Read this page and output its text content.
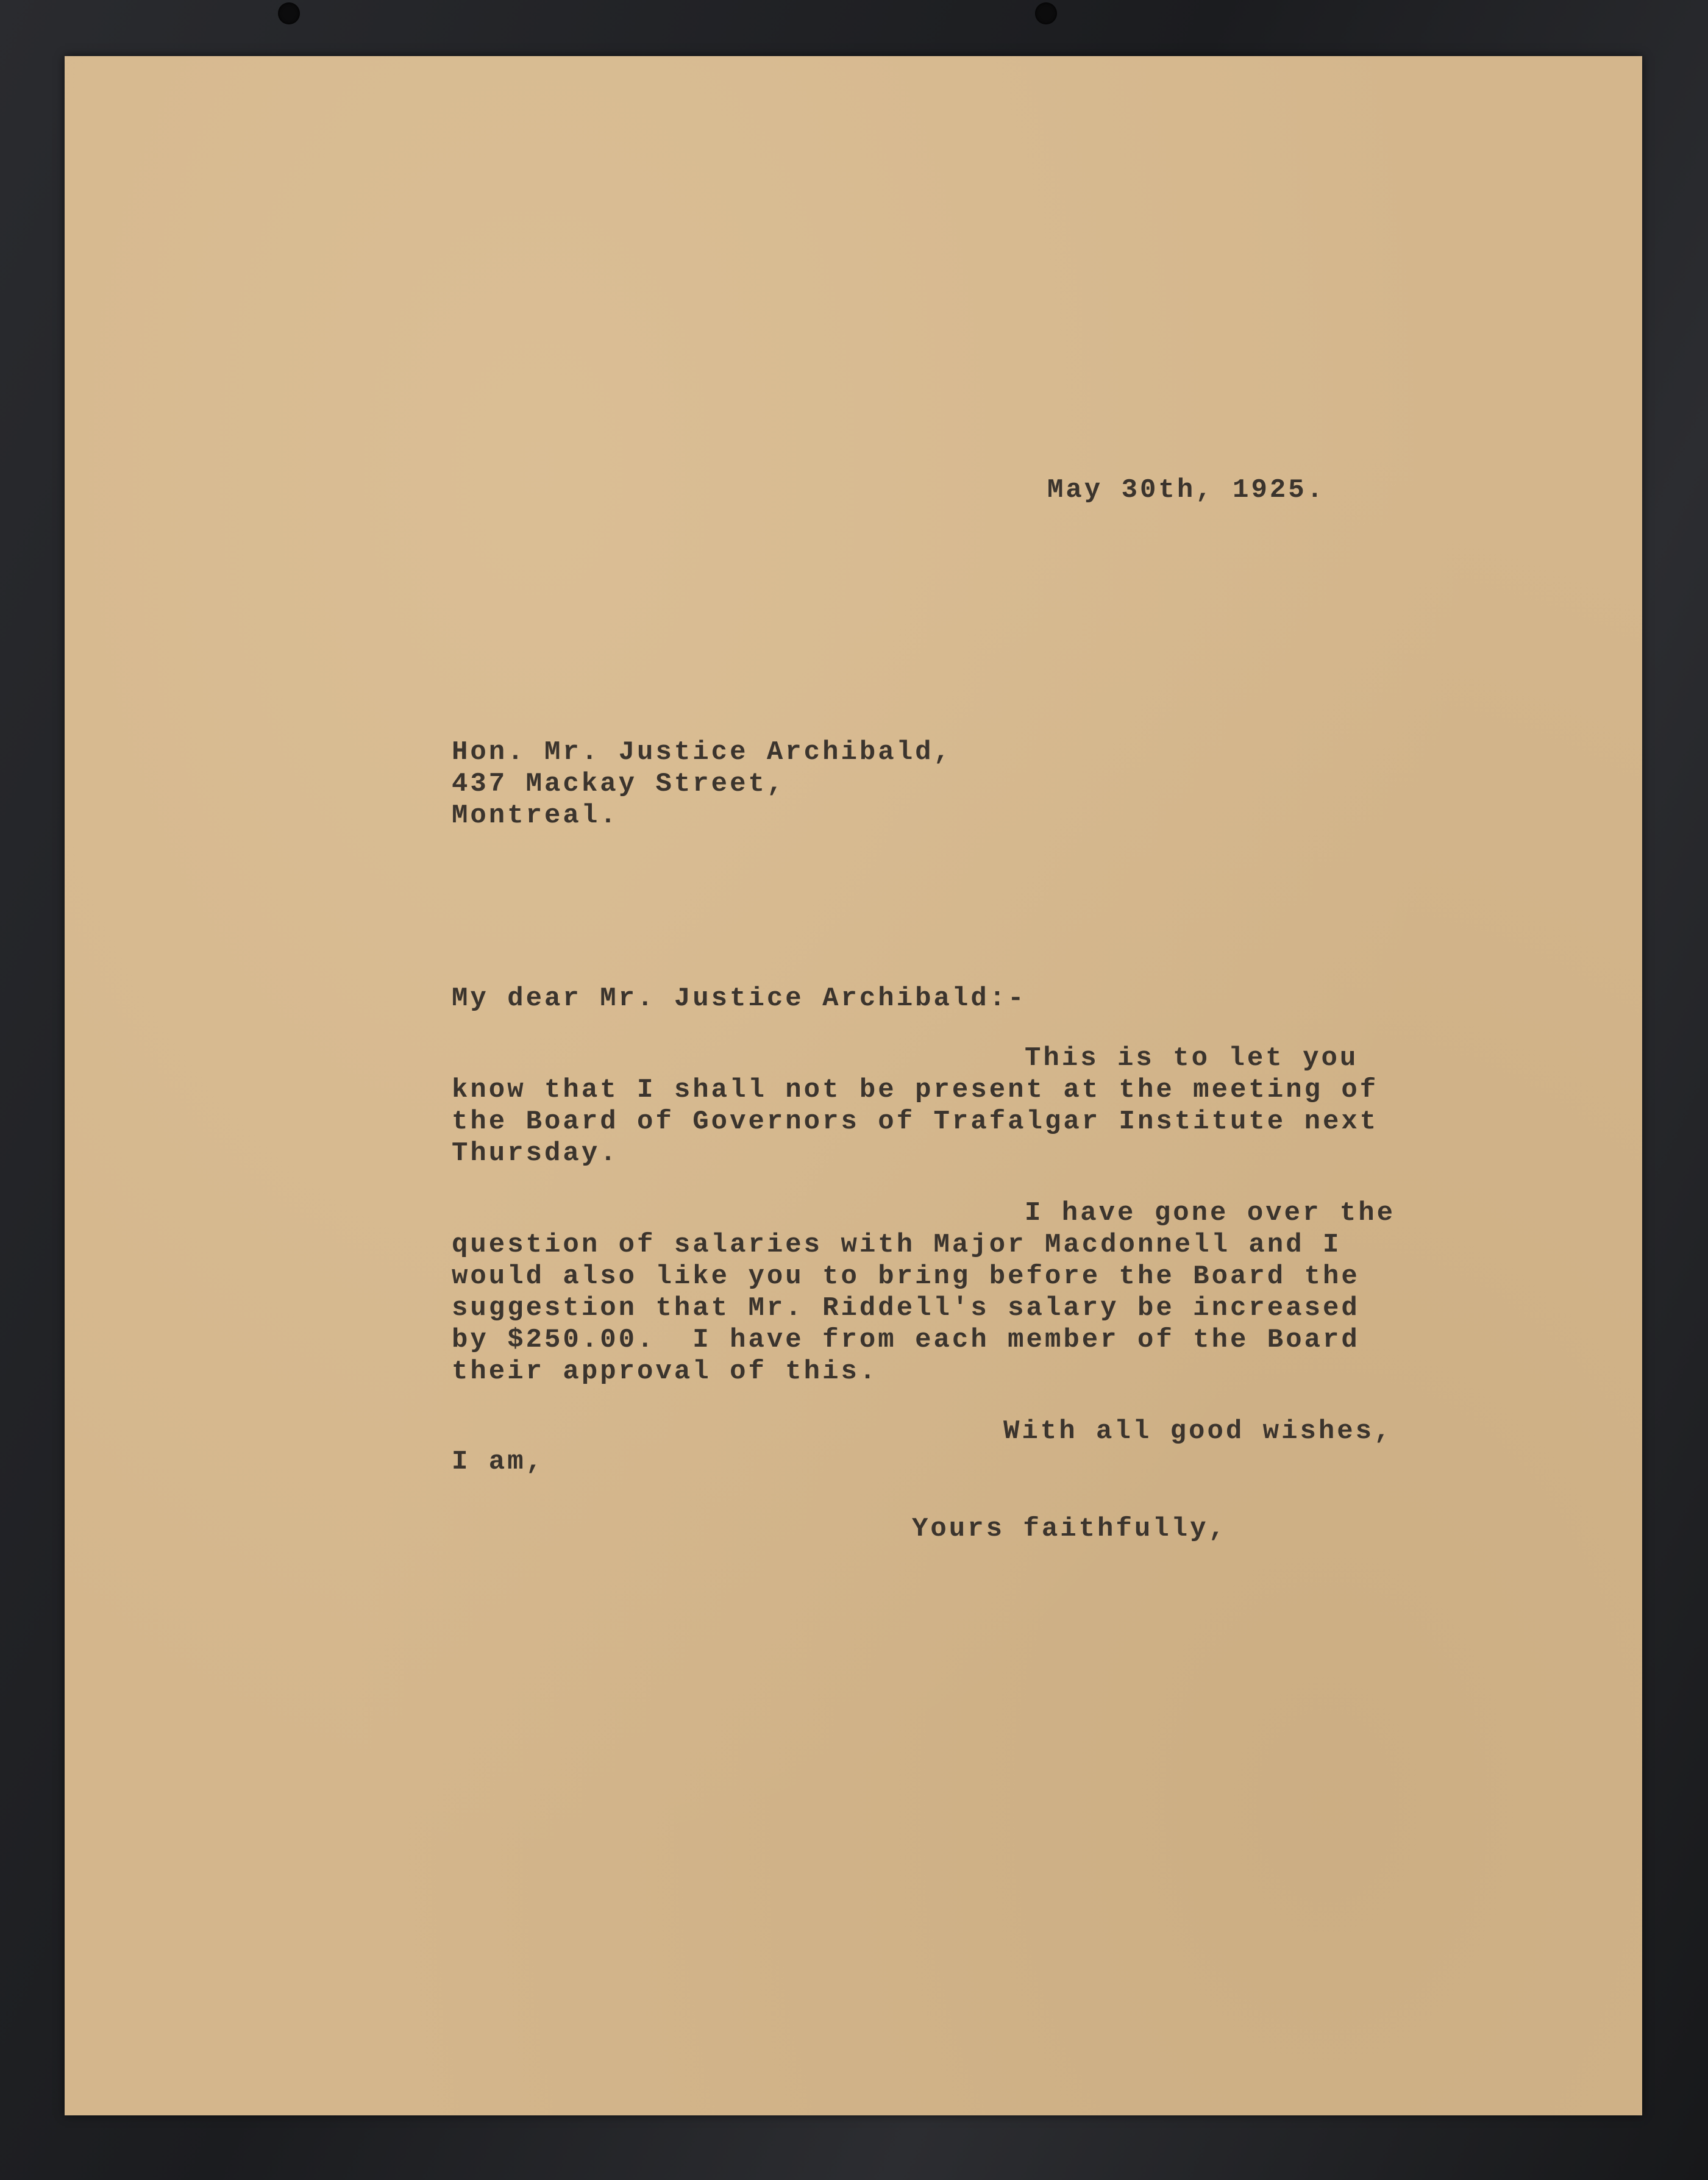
May 30th, 1925.
Hon. Mr. Justice Archibald,
437 Mackay Street,
Montreal.
My dear Mr. Justice Archibald:-
This is to let you
know that I shall not be present at the meeting of
the Board of Governors of Trafalgar Institute next
Thursday.
I have gone over the
question of salaries with Major Macdonnell and I
would also like you to bring before the Board the
suggestion that Mr. Riddell's salary be increased
by $250.00.  I have from each member of the Board
their approval of this.
With all good wishes,
I am,
Yours faithfully,
